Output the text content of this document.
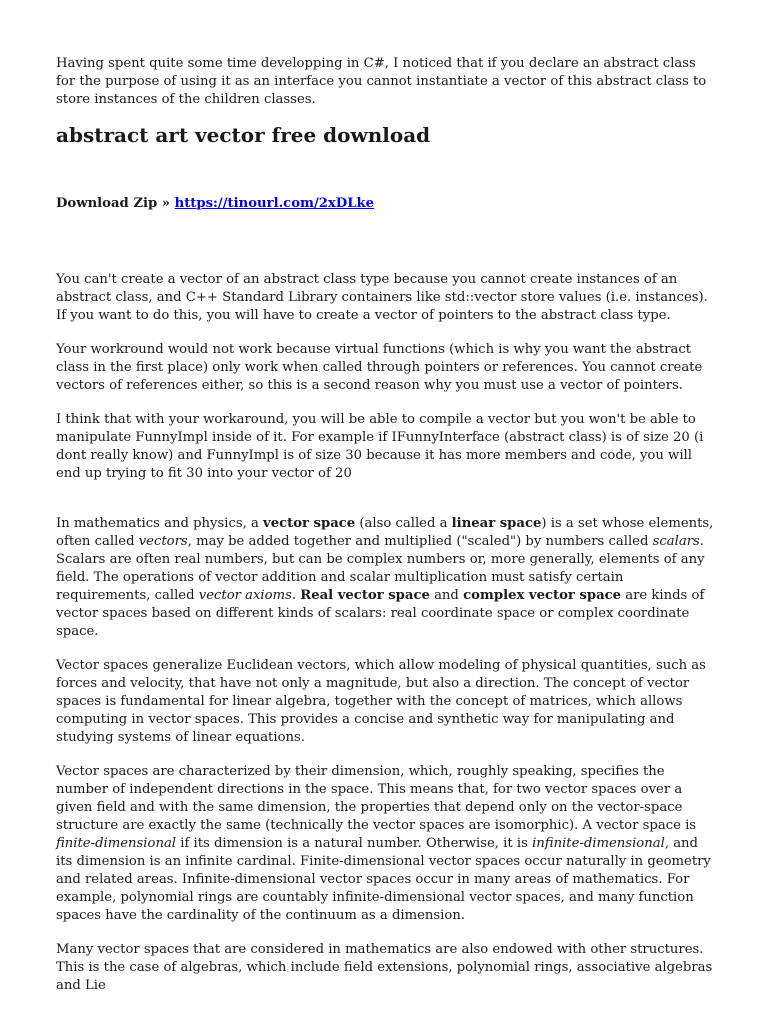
Having spent quite some time developping in C#, I noticed that if you declare an abstract class for the purpose of using it as an interface you cannot instantiate a vector of this abstract class to store instances of the children classes.

abstract art vector free download
Download Zip » https://tinourl.com/2xDLke

You can't create a vector of an abstract class type because you cannot create instances of an abstract class, and C++ Standard Library containers like std::vector store values (i.e. instances). If you want to do this, you will have to create a vector of pointers to the abstract class type.

Your workround would not work because virtual functions (which is why you want the abstract class in the first place) only work when called through pointers or references. You cannot create vectors of references either, so this is a second reason why you must use a vector of pointers.

I think that with your workaround, you will be able to compile a vector but you won't be able to manipulate FunnyImpl inside of it. For example if IFunnyInterface (abstract class) is of size 20 (i dont really know) and FunnyImpl is of size 30 because it has more members and code, you will end up trying to fit 30 into your vector of 20

In mathematics and physics, a vector space (also called a linear space) is a set whose elements, often called vectors, may be added together and multiplied ("scaled") by numbers called scalars. Scalars are often real numbers, but can be complex numbers or, more generally, elements of any field. The operations of vector addition and scalar multiplication must satisfy certain requirements, called vector axioms. Real vector space and complex vector space are kinds of vector spaces based on different kinds of scalars: real coordinate space or complex coordinate space.

Vector spaces generalize Euclidean vectors, which allow modeling of physical quantities, such as forces and velocity, that have not only a magnitude, but also a direction. The concept of vector spaces is fundamental for linear algebra, together with the concept of matrices, which allows computing in vector spaces. This provides a concise and synthetic way for manipulating and studying systems of linear equations.

Vector spaces are characterized by their dimension, which, roughly speaking, specifies the number of independent directions in the space. This means that, for two vector spaces over a given field and with the same dimension, the properties that depend only on the vector-space structure are exactly the same (technically the vector spaces are isomorphic). A vector space is finite-dimensional if its dimension is a natural number. Otherwise, it is infinite-dimensional, and its dimension is an infinite cardinal. Finite-dimensional vector spaces occur naturally in geometry and related areas. Infinite-dimensional vector spaces occur in many areas of mathematics. For example, polynomial rings are countably infinite-dimensional vector spaces, and many function spaces have the cardinality of the continuum as a dimension.

Many vector spaces that are considered in mathematics are also endowed with other structures. This is the case of algebras, which include field extensions, polynomial rings, associative algebras and Lie
